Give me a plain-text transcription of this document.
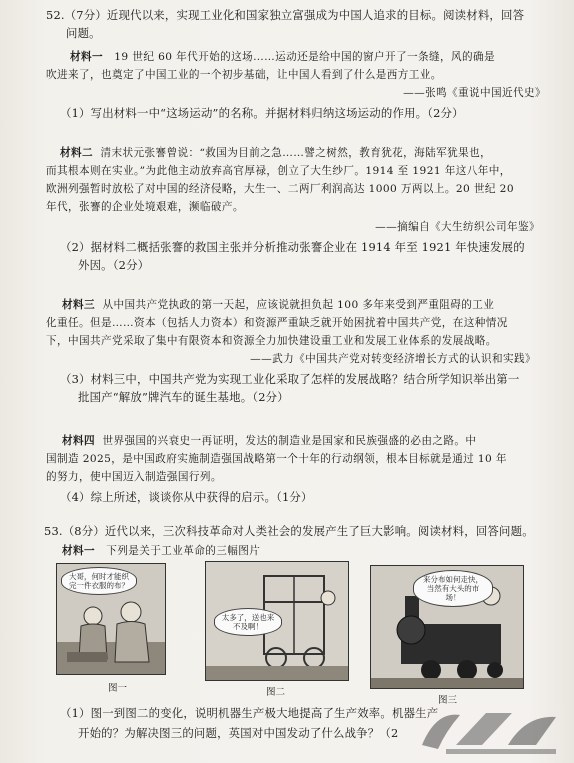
52.（7分）近现代以来，实现工业化和国家独立富强成为中国人追求的目标。阅读材料，回答
问题。
材料一 19 世纪 60 年代开始的这场……运动还是给中国的窗户开了一条缝，风的确是
吹进来了，也奠定了中国工业的一个初步基础，让中国人看到了什么是西方工业。
——张鸣《重说中国近代史》
（1）写出材料一中“这场运动”的名称。并据材料归纳这场运动的作用。（2分）
材料二 清末状元张謇曾说：“救国为目前之急……譬之树然，教育犹花，海陆军犹果也，
而其根本则在实业。”为此他主动放弃高官厚禄，创立了大生纱厂。1914 至 1921 年这八年中，
欧洲列强暂时放松了对中国的经济侵略，大生一、二两厂利润高达 1000 万两以上。20 世纪 20
年代，张謇的企业处境艰难，濒临破产。
——摘编自《大生纺织公司年鉴》
（2）据材料二概括张謇的救国主张并分析推动张謇企业在 1914 年至 1921 年快速发展的
外因。（2分）
材料三 从中国共产党执政的第一天起，应该说就担负起 100 多年来受到严重阻碍的工业
化重任。但是……资本（包括人力资本）和资源严重缺乏就开始困扰着中国共产党，在这种情况
下，中国共产党采取了集中有限资本和资源全力加快建设重工业和发展工业体系的发展战略。
——武力《中国共产党对转变经济增长方式的认识和实践》
（3）材料三中，中国共产党为实现工业化采取了怎样的发展战略？结合所学知识举出第一
批国产“解放”牌汽车的诞生基地。（2分）
材料四 世界强国的兴衰史一再证明，发达的制造业是国家和民族强盛的必由之路。中
国制造 2025，是中国政府实施制造强国战略第一个十年的行动纲领，根本目标就是通过 10 年
的努力，使中国迈入制造强国行列。
（4）综上所述，谈谈你从中获得的启示。（1分）
53.（8分）近代以来，三次科技革命对人类社会的发展产生了巨大影响。阅读材料，回答问题。
材料一 下列是关于工业革命的三幅图片
大哥，何时才能织完一件衣服的布？
图一
太多了，送也来不及啊！
图二
来分布如何走快，当然有大头的市场！
图三
（1）图一到图二的变化，说明机器生产极大地提高了生产效率。机器生产
开始的？为解决图三的问题，英国对中国发动了什么战争？（2
